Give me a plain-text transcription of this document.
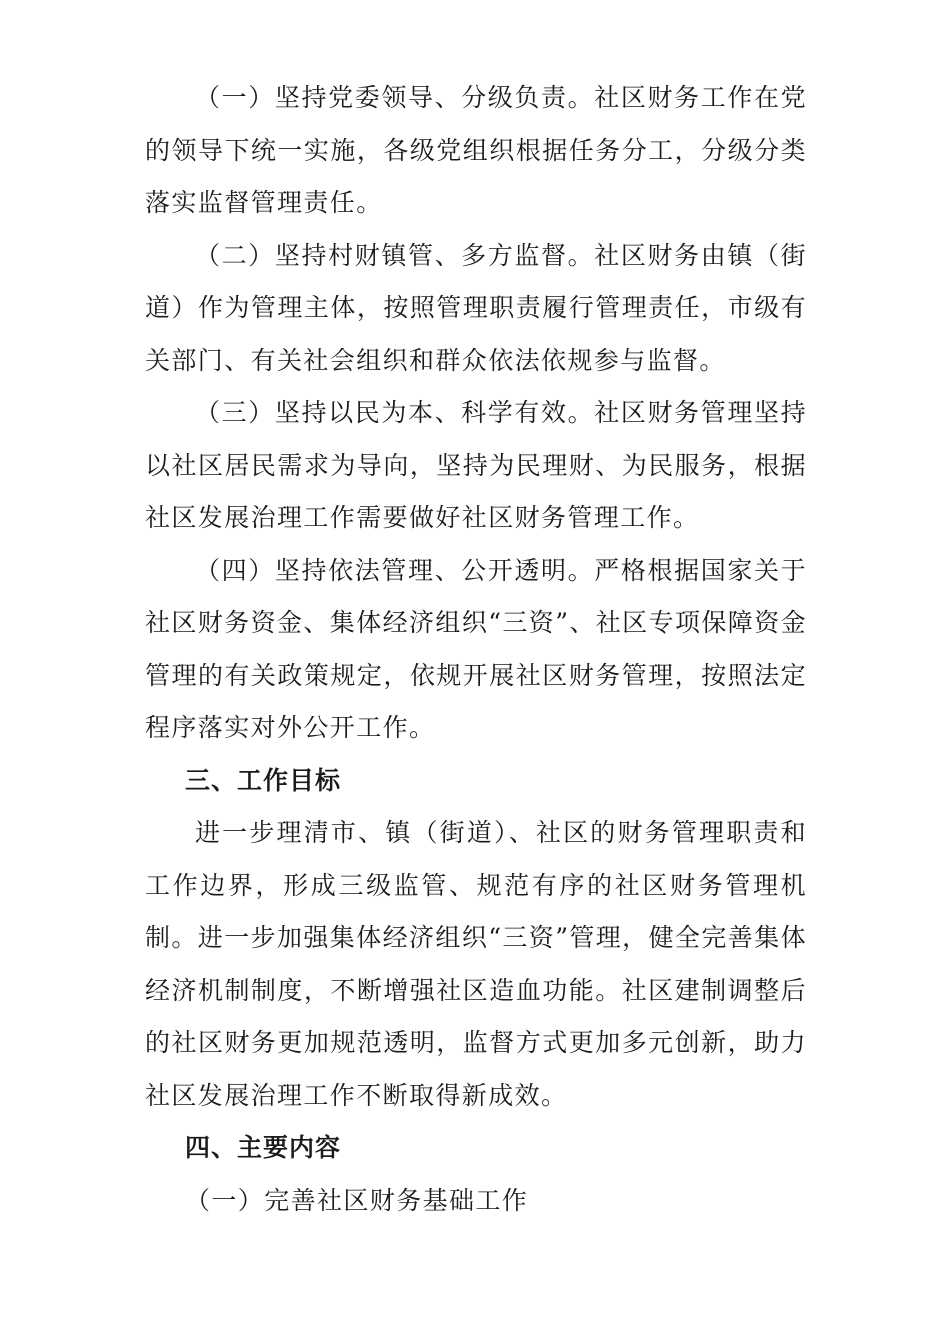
（一）坚持党委领导、分级负责。社区财务工作在党的领导下统一实施，各级党组织根据任务分工，分级分类落实监督管理责任。

（二）坚持村财镇管、多方监督。社区财务由镇（街道）作为管理主体，按照管理职责履行管理责任，市级有关部门、有关社会组织和群众依法依规参与监督。

（三）坚持以民为本、科学有效。社区财务管理坚持以社区居民需求为导向，坚持为民理财、为民服务，根据社区发展治理工作需要做好社区财务管理工作。

（四）坚持依法管理、公开透明。严格根据国家关于社区财务资金、集体经济组织“三资”、社区专项保障资金管理的有关政策规定，依规开展社区财务管理，按照法定程序落实对外公开工作。

三、工作目标

进一步理清市、镇（街道）、社区的财务管理职责和工作边界，形成三级监管、规范有序的社区财务管理机制。进一步加强集体经济组织“三资”管理，健全完善集体经济机制制度，不断增强社区造血功能。社区建制调整后的社区财务更加规范透明，监督方式更加多元创新，助力社区发展治理工作不断取得新成效。

四、主要内容

（一）完善社区财务基础工作
